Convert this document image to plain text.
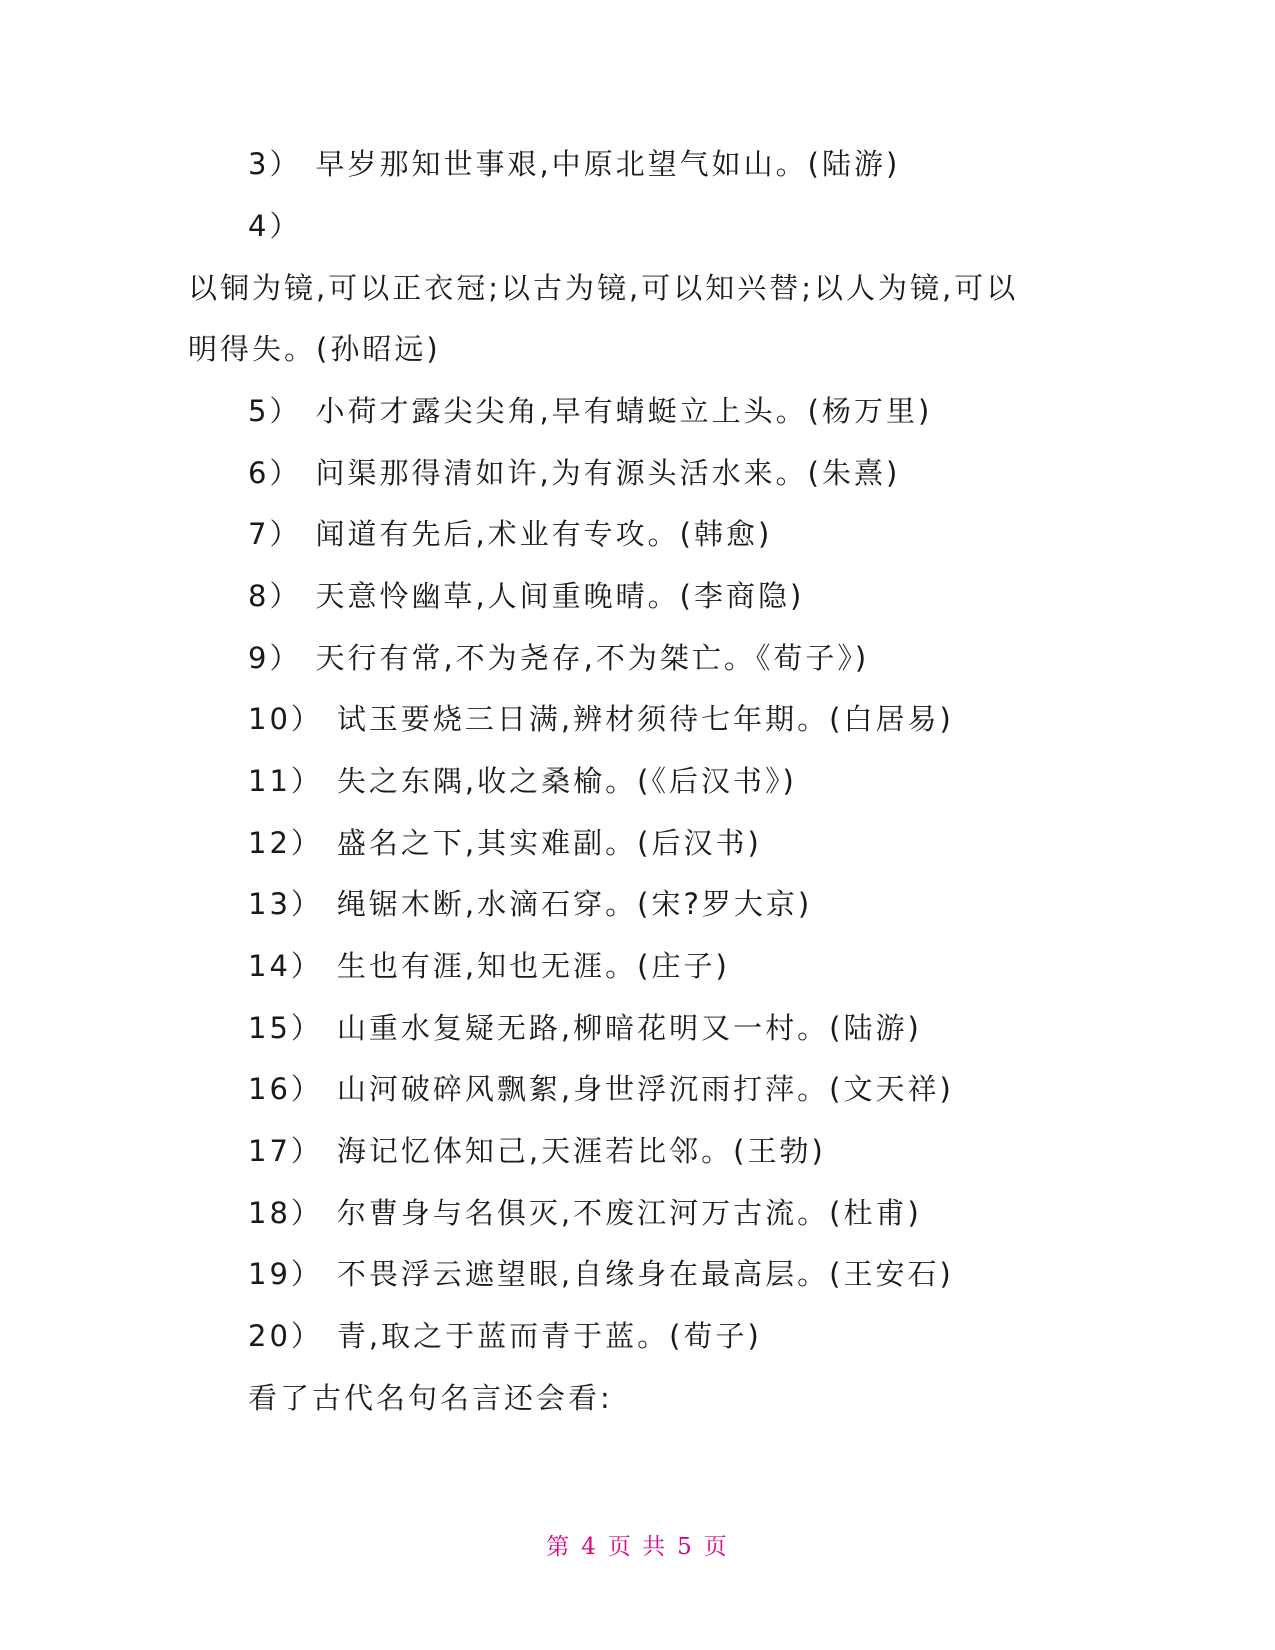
3） 早岁那知世事艰,中原北望气如山。(陆游)
4）
以铜为镜,可以正衣冠;以古为镜,可以知兴替;以人为镜,可以
明得失。(孙昭远)
5） 小荷才露尖尖角,早有蜻蜓立上头。(杨万里)
6） 问渠那得清如许,为有源头活水来。(朱熹)
7） 闻道有先后,术业有专攻。(韩愈)
8） 天意怜幽草,人间重晚晴。(李商隐)
9） 天行有常,不为尧存,不为桀亡。《荀子》)
10） 试玉要烧三日满,辨材须待七年期。(白居易)
11） 失之东隅,收之桑榆。(《后汉书》)
12） 盛名之下,其实难副。(后汉书)
13） 绳锯木断,水滴石穿。(宋?罗大京)
14） 生也有涯,知也无涯。(庄子)
15） 山重水复疑无路,柳暗花明又一村。(陆游)
16） 山河破碎风飘絮,身世浮沉雨打萍。(文天祥)
17） 海记忆体知己,天涯若比邻。(王勃)
18） 尔曹身与名俱灭,不废江河万古流。(杜甫)
19） 不畏浮云遮望眼,自缘身在最高层。(王安石)
20） 青,取之于蓝而青于蓝。(荀子)
看了古代名句名言还会看:
第 4 页 共 5 页
